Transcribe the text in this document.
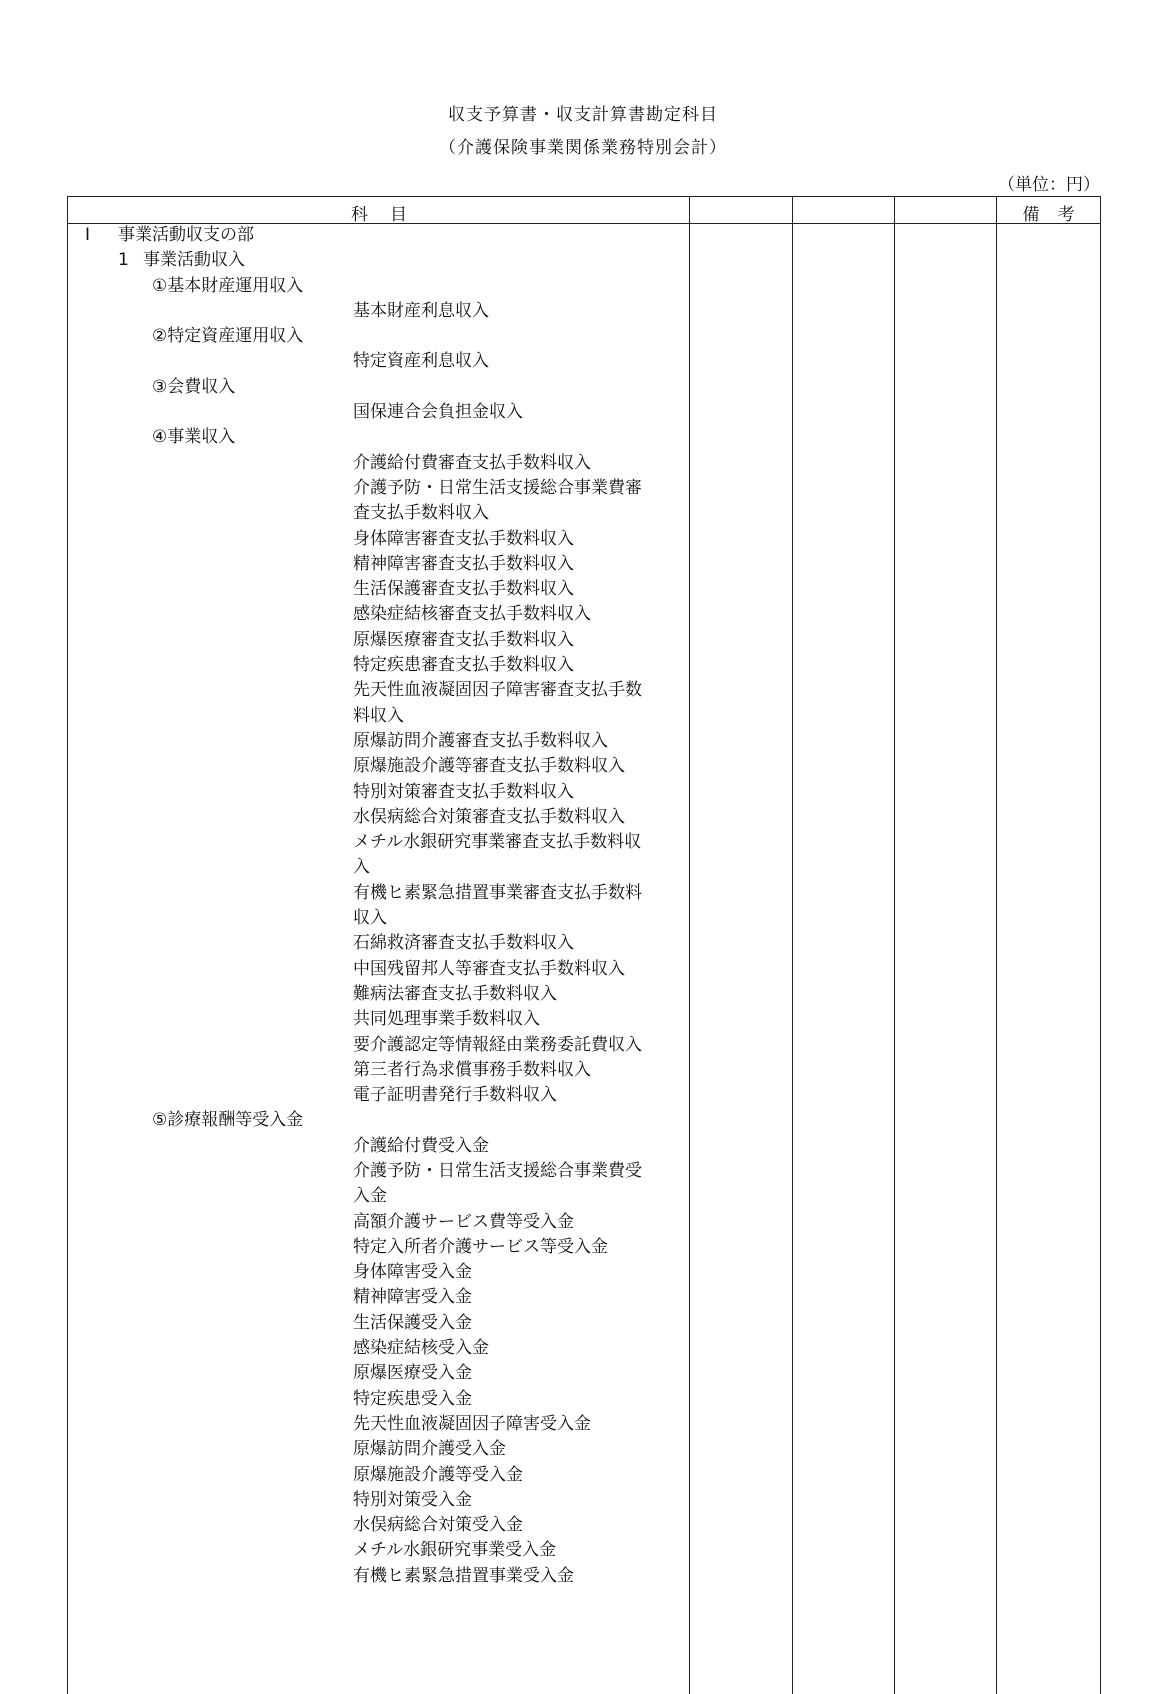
収支予算書・収支計算書勘定科目
（介護保険事業関係業務特別会計）
（単位：円）
科目	備考
Ⅰ 事業活動収支の部
1 事業活動収入
①基本財産運用収入
基本財産利息収入
②特定資産運用収入
特定資産利息収入
③会費収入
国保連合会負担金収入
④事業収入
介護給付費審査支払手数料収入
介護予防・日常生活支援総合事業費審
査支払手数料収入
身体障害審査支払手数料収入
精神障害審査支払手数料収入
生活保護審査支払手数料収入
感染症結核審査支払手数料収入
原爆医療審査支払手数料収入
特定疾患審査支払手数料収入
先天性血液凝固因子障害審査支払手数
料収入
原爆訪問介護審査支払手数料収入
原爆施設介護等審査支払手数料収入
特別対策審査支払手数料収入
水俣病総合対策審査支払手数料収入
メチル水銀研究事業審査支払手数料収
入
有機ヒ素緊急措置事業審査支払手数料
収入
石綿救済審査支払手数料収入
中国残留邦人等審査支払手数料収入
難病法審査支払手数料収入
共同処理事業手数料収入
要介護認定等情報経由業務委託費収入
第三者行為求償事務手数料収入
電子証明書発行手数料収入
⑤診療報酬等受入金
介護給付費受入金
介護予防・日常生活支援総合事業費受
入金
高額介護サービス費等受入金
特定入所者介護サービス等受入金
身体障害受入金
精神障害受入金
生活保護受入金
感染症結核受入金
原爆医療受入金
特定疾患受入金
先天性血液凝固因子障害受入金
原爆訪問介護受入金
原爆施設介護等受入金
特別対策受入金
水俣病総合対策受入金
メチル水銀研究事業受入金
有機ヒ素緊急措置事業受入金
